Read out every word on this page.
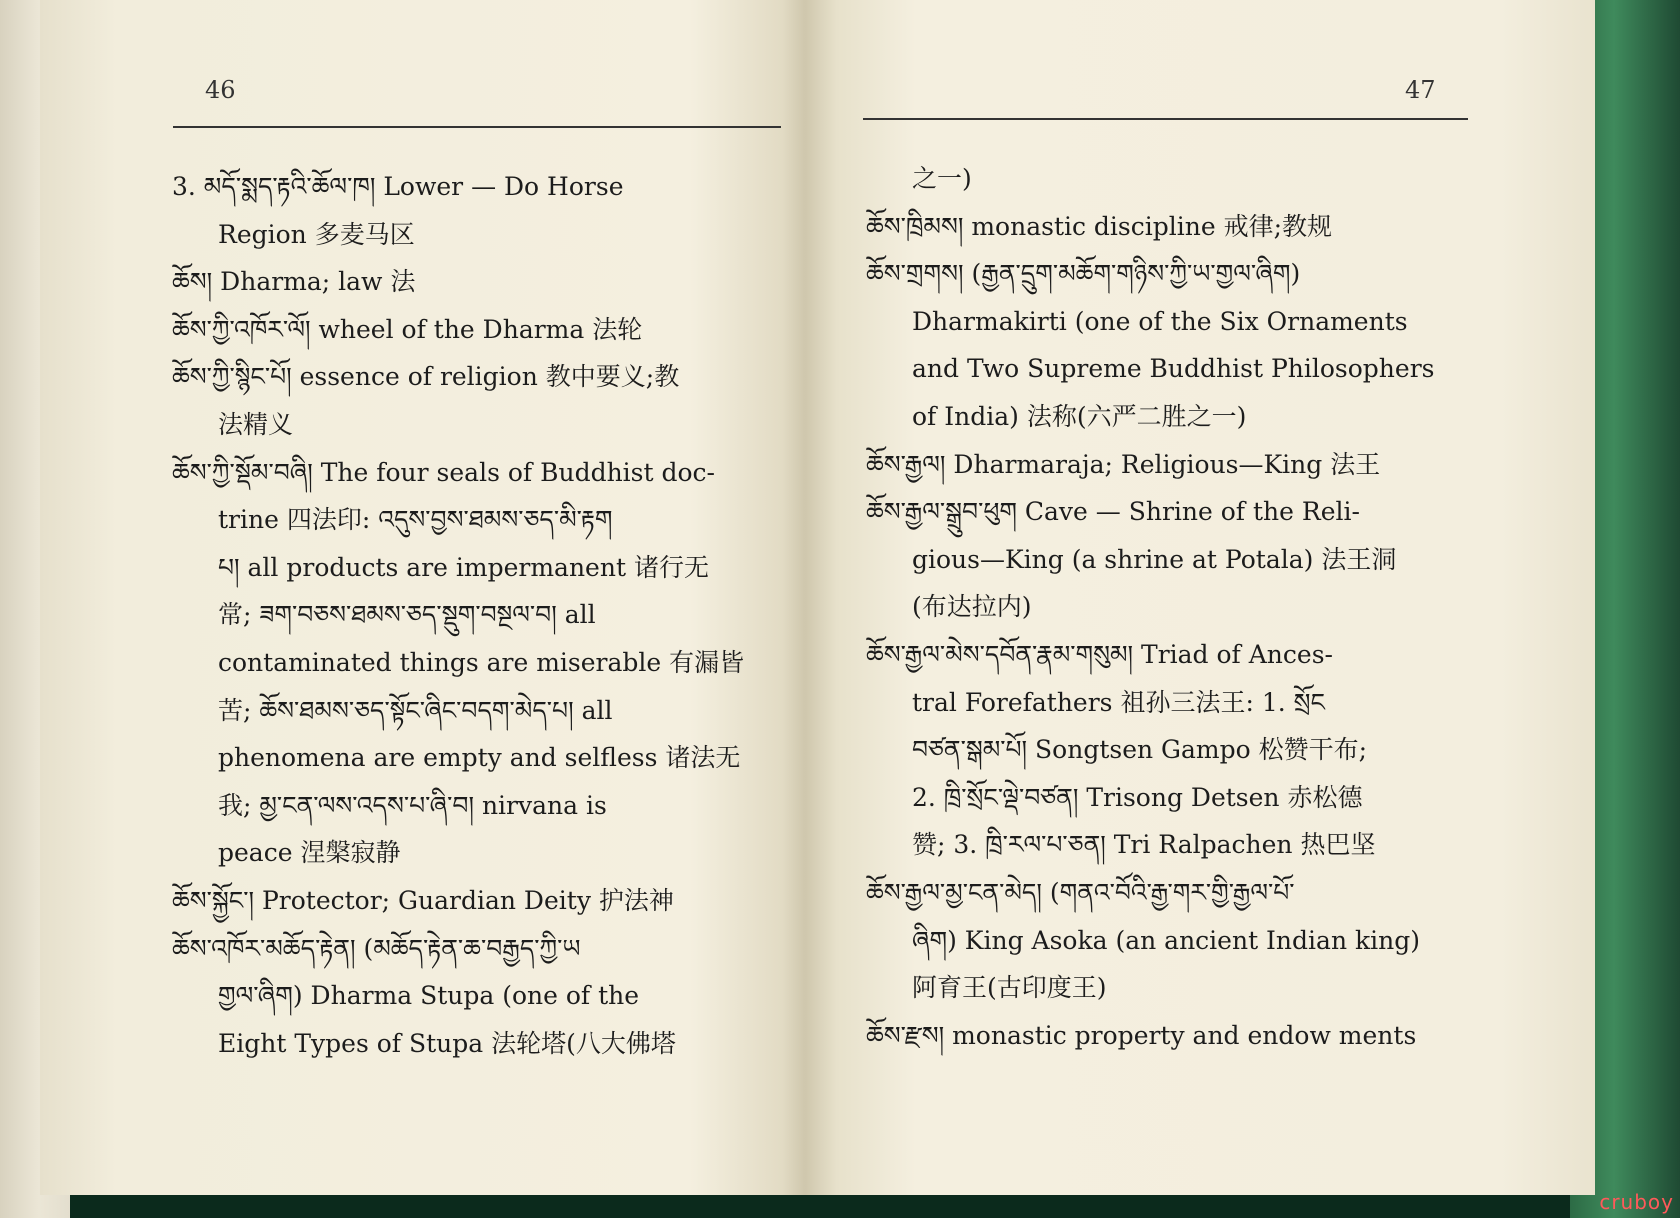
46	47
3. མདོ་སྨད་རྟའི་ཆོལ་ཁ། Lower — Do Horse
Region 多麦马区
ཆོས། Dharma; law 法
ཆོས་ཀྱི་འཁོར་ལོ། wheel of the Dharma 法轮
ཆོས་ཀྱི་སྙིང་པོ། essence of religion 教中要义;教
法精义
ཆོས་ཀྱི་སྡོམ་བཞི། The four seals of Buddhist doc-
trine 四法印: འདུས་བྱས་ཐམས་ཅད་མི་རྟག
པ། all products are impermanent 诸行无
常; ཟག་བཅས་ཐམས་ཅད་སྡུག་བསྔལ་བ། all
contaminated things are miserable 有漏皆
苦; ཆོས་ཐམས་ཅད་སྟོང་ཞིང་བདག་མེད་པ། all
phenomena are empty and selfless 诸法无
我; མྱ་ངན་ལས་འདས་པ་ཞི་བ། nirvana is
peace 涅槃寂静
ཆོས་སྐྱོང་། Protector; Guardian Deity 护法神
ཆོས་འཁོར་མཆོད་རྟེན། (མཆོད་རྟེན་ཆ་བརྒྱད་ཀྱི་ཡ
གྱལ་ཞིག) Dharma Stupa (one of the
Eight Types of Stupa 法轮塔(八大佛塔
之一)
ཆོས་ཁྲིམས། monastic discipline 戒律;教规
ཆོས་གྲགས། (རྒྱན་དྲུག་མཆོག་གཉིས་ཀྱི་ཡ་གྱལ་ཞིག)
Dharmakirti (one of the Six Ornaments
and Two Supreme Buddhist Philosophers
of India) 法称(六严二胜之一)
ཆོས་རྒྱལ། Dharmaraja; Religious—King 法王
ཆོས་རྒྱལ་སྒྲུབ་ཕུག Cave — Shrine of the Reli-
gious—King (a shrine at Potala) 法王洞
(布达拉内)
ཆོས་རྒྱལ་མེས་དབོན་རྣམ་གསུམ། Triad of Ances-
tral Forefathers 祖孙三法王: 1. སྲོང
བཙན་སྒམ་པོ། Songtsen Gampo 松赞干布;
2. ཁྲི་སྲོང་ལྡེ་བཙན། Trisong Detsen 赤松德
赞; 3. ཁྲི་རལ་པ་ཅན། Tri Ralpachen 热巴坚
ཆོས་རྒྱལ་མྱ་ངན་མེད། (གནའ་བོའི་རྒྱ་གར་གྱི་རྒྱལ་པོ་
ཞིག) King Asoka (an ancient Indian king)
阿育王(古印度王)
ཆོས་རྫས། monastic property and endow ments
cruboy
